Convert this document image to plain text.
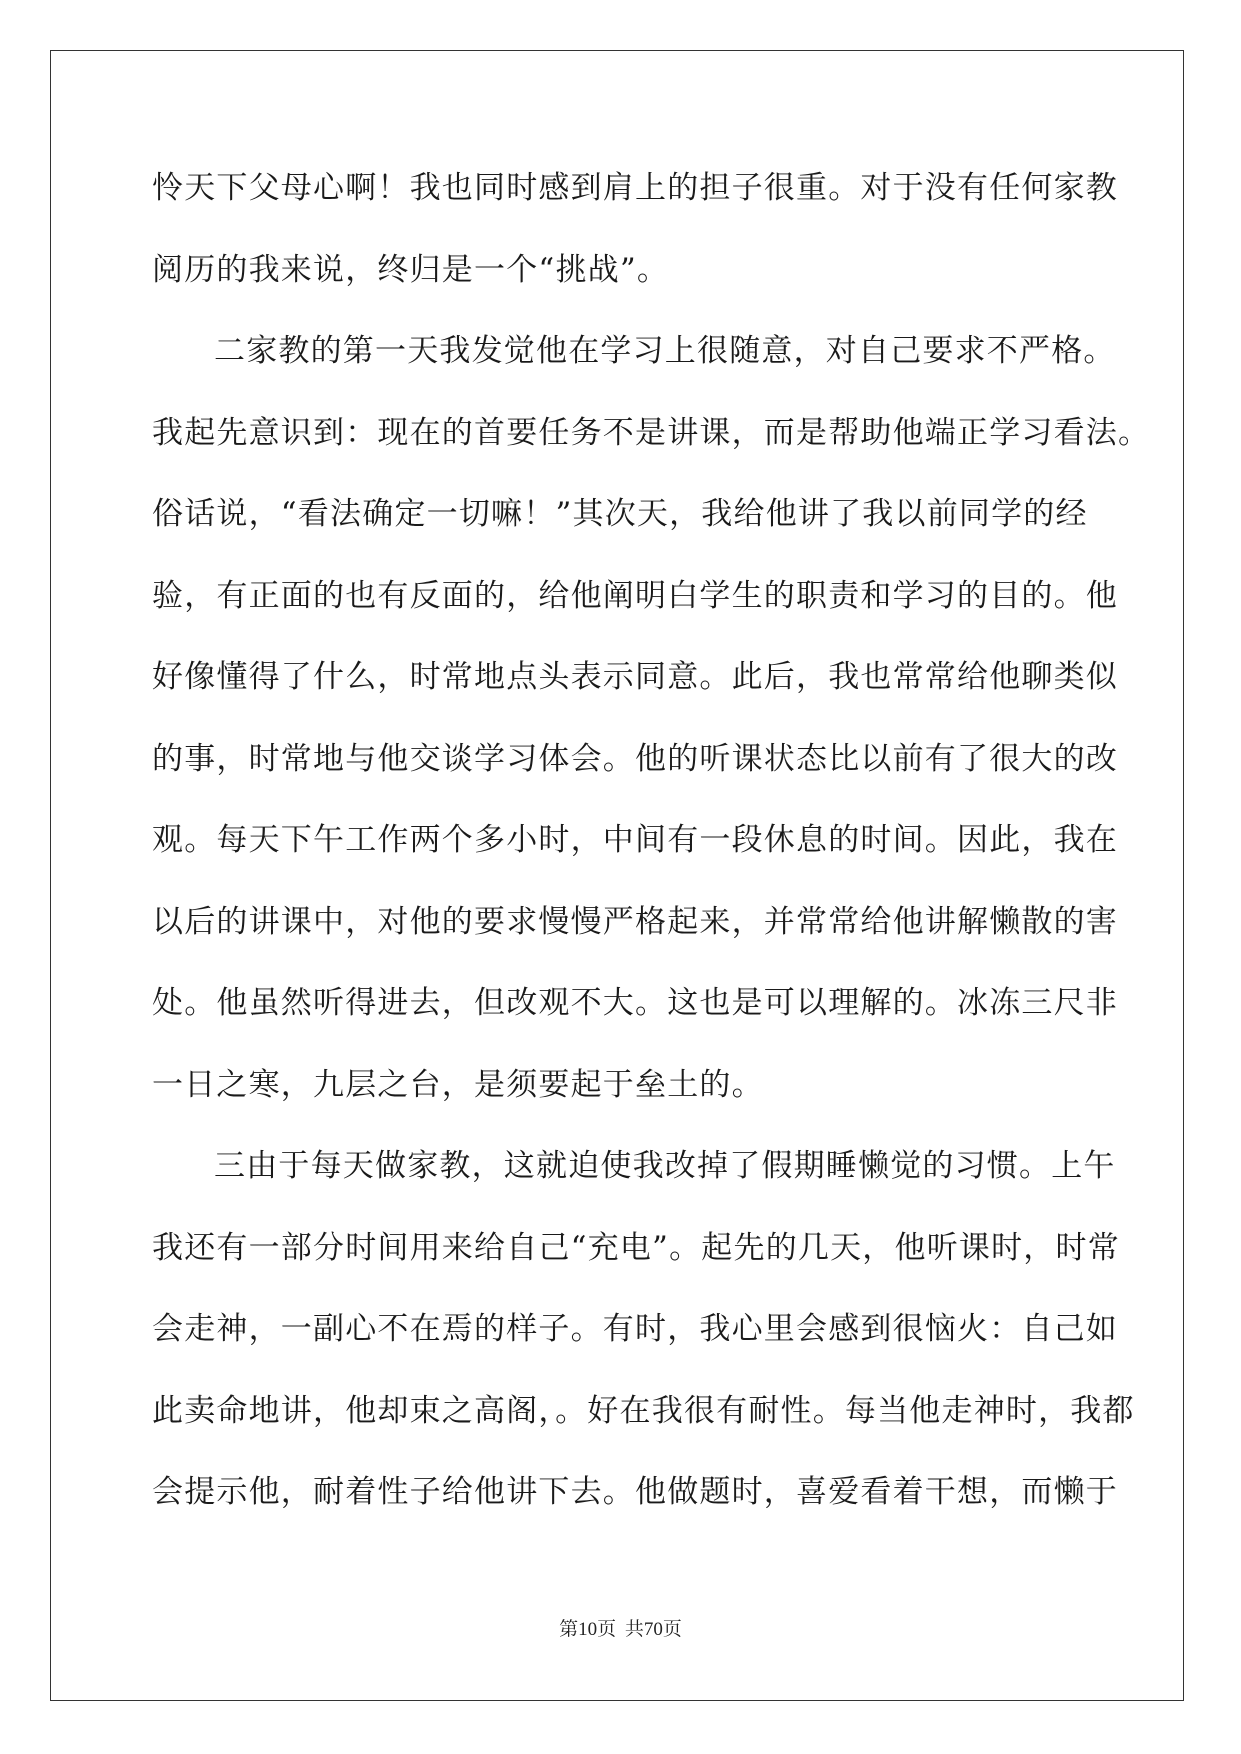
怜天下父母心啊！我也同时感到肩上的担子很重。对于没有任何家教
阅历的我来说，终归是一个“挑战”。
二家教的第一天我发觉他在学习上很随意，对自己要求不严格。
我起先意识到：现在的首要任务不是讲课，而是帮助他端正学习看法。
俗话说，“看法确定一切嘛！”其次天，我给他讲了我以前同学的经
验，有正面的也有反面的，给他阐明白学生的职责和学习的目的。他
好像懂得了什么，时常地点头表示同意。此后，我也常常给他聊类似
的事，时常地与他交谈学习体会。他的听课状态比以前有了很大的改
观。每天下午工作两个多小时，中间有一段休息的时间。因此，我在
以后的讲课中，对他的要求慢慢严格起来，并常常给他讲解懒散的害
处。他虽然听得进去，但改观不大。这也是可以理解的。冰冻三尺非
一日之寒，九层之台，是须要起于垒土的。
三由于每天做家教，这就迫使我改掉了假期睡懒觉的习惯。上午
我还有一部分时间用来给自己“充电”。起先的几天，他听课时，时常
会走神，一副心不在焉的样子。有时，我心里会感到很恼火：自己如
此卖命地讲，他却束之高阁，。好在我很有耐性。每当他走神时，我都
会提示他，耐着性子给他讲下去。他做题时，喜爱看着干想，而懒于
第10页 共70页
